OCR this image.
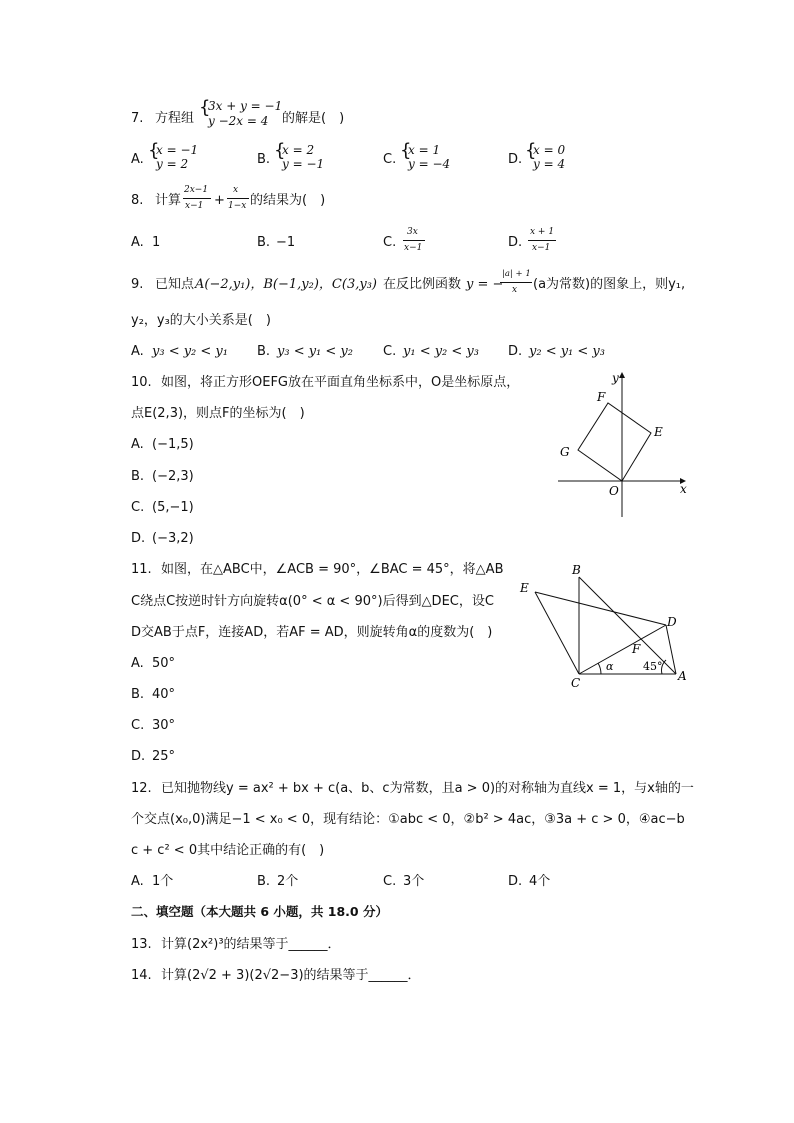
7. 方程组
{
3x + y = −1
y −2x = 4 的解是(　)
A. {
x = −1
y = 2	B. {
x = 2
y = −1	C. {
x = 1
y = −4	D. {
x = 0
y = 4
8. 计算
2x−1
x−1 +
x
1−x 的结果为(　)
A. 1	B. −1	C.
3x
x−1	D.
x + 1
x−1
9. 已知点 A(−2,y₁)，B(−1,y₂)，C(3,y₃) 在反比例函数 y = −
|a| + 1
x (a为常数)的图象上，则y₁,
y₂，y₃的大小关系是(　)
A. y₃ < y₂ < y₁ B. y₃ < y₁ < y₂ C. y₁ < y₂ < y₃ D. y₂ < y₁ < y₃
10. 如图，将正方形OEFG放在平面直角坐标系中，O是坐标原点，
点E(2,3)，则点F的坐标为(　)
A. (−1,5)
B. (−2,3)
C. (5,−1)
D. (−3,2)
y
x
O
E
F
G
11. 如图，在△ABC中，∠ACB = 90°，∠BAC = 45°，将△AB
C绕点C按逆时针方向旋转α(0° < α < 90°)后得到△DEC，设C
D交AB于点F，连接AD，若AF = AD，则旋转角α的度数为(　)
A. 50°
B. 40°
C. 30°
D. 25°
E
B
D
F
C	A
α	45°
12. 已知抛物线y = ax² + bx + c(a、b、c为常数，且a > 0)的对称轴为直线x = 1，与x轴的一
个交点(x₀,0)满足−1 < x₀ < 0，现有结论：①abc < 0，②b² > 4ac，③3a + c > 0，④ac−b
c + c² < 0其中结论正确的有(　)
A. 1个	B. 2个	C. 3个	D. 4个
二、填空题（本大题共 6 小题，共 18.0 分）
13. 计算(2x²)³的结果等于______．
14. 计算(2√2 + 3)(2√2−3)的结果等于______．
